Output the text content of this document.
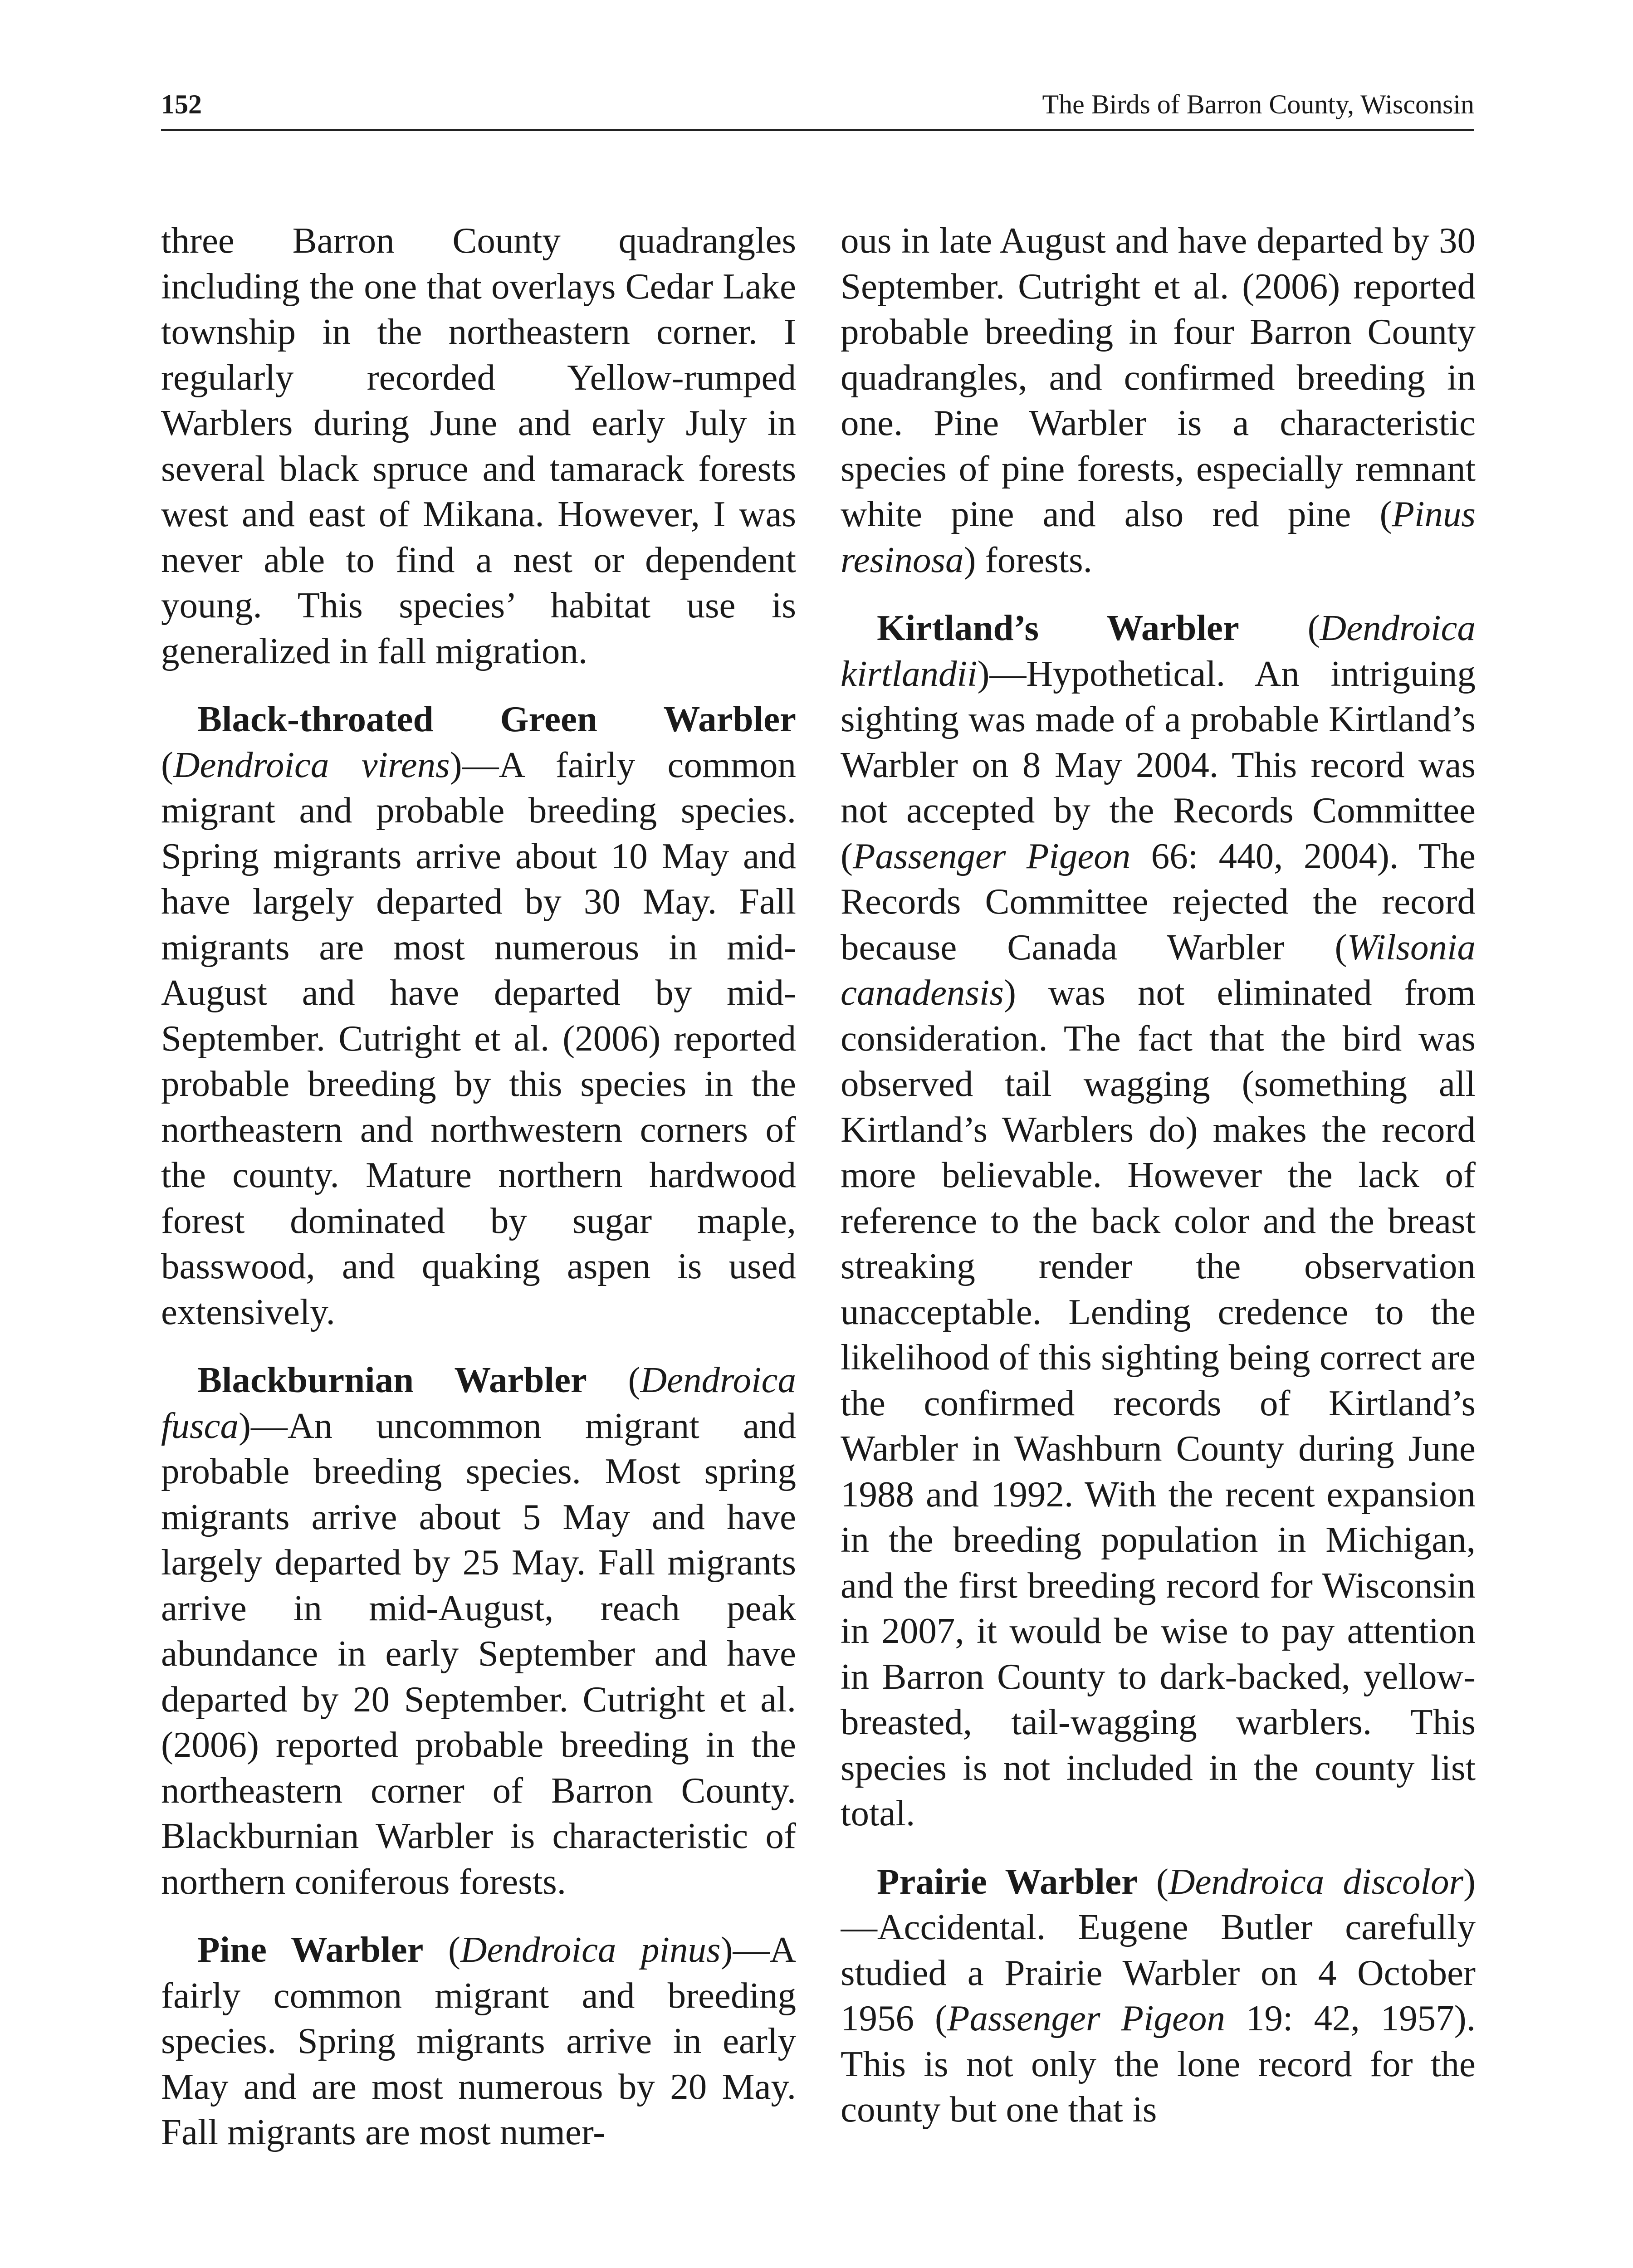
152	The Birds of Barron County, Wisconsin

three Barron County quadrangles including the one that overlays Cedar Lake township in the northeastern corner. I regularly recorded Yellow-rumped Warblers during June and early July in several black spruce and tamarack forests west and east of Mikana. However, I was never able to find a nest or dependent young. This species’ habitat use is generalized in fall migration.

Black-throated Green Warbler (Dendroica virens)—A fairly common migrant and probable breeding species. Spring migrants arrive about 10 May and have largely departed by 30 May. Fall migrants are most numerous in mid-August and have departed by mid-September. Cutright et al. (2006) reported probable breeding by this species in the northeastern and northwestern corners of the county. Mature northern hardwood forest dominated by sugar maple, basswood, and quaking aspen is used extensively.

Blackburnian Warbler (Dendroica fusca)—An uncommon migrant and probable breeding species. Most spring migrants arrive about 5 May and have largely departed by 25 May. Fall migrants arrive in mid-August, reach peak abundance in early September and have departed by 20 September. Cutright et al. (2006) reported probable breeding in the northeastern corner of Barron County. Blackburnian Warbler is characteristic of northern coniferous forests.

Pine Warbler (Dendroica pinus)—A fairly common migrant and breeding species. Spring migrants arrive in early May and are most numerous by 20 May. Fall migrants are most numer-

ous in late August and have departed by 30 September. Cutright et al. (2006) reported probable breeding in four Barron County quadrangles, and confirmed breeding in one. Pine Warbler is a characteristic species of pine forests, especially remnant white pine and also red pine (Pinus resinosa) forests.

Kirtland’s Warbler (Dendroica kirtlandii)—Hypothetical. An intriguing sighting was made of a probable Kirtland’s Warbler on 8 May 2004. This record was not accepted by the Records Committee (Passenger Pigeon 66: 440, 2004). The Records Committee rejected the record because Canada Warbler (Wilsonia canadensis) was not eliminated from consideration. The fact that the bird was observed tail wagging (something all Kirtland’s Warblers do) makes the record more believable. However the lack of reference to the back color and the breast streaking render the observation unacceptable. Lending credence to the likelihood of this sighting being correct are the confirmed records of Kirtland’s Warbler in Washburn County during June 1988 and 1992. With the recent expansion in the breeding population in Michigan, and the first breeding record for Wisconsin in 2007, it would be wise to pay attention in Barron County to dark-backed, yellow-breasted, tail-wagging warblers. This species is not included in the county list total.

Prairie Warbler (Dendroica discolor)—Accidental. Eugene Butler carefully studied a Prairie Warbler on 4 October 1956 (Passenger Pigeon 19: 42, 1957). This is not only the lone record for the county but one that is
